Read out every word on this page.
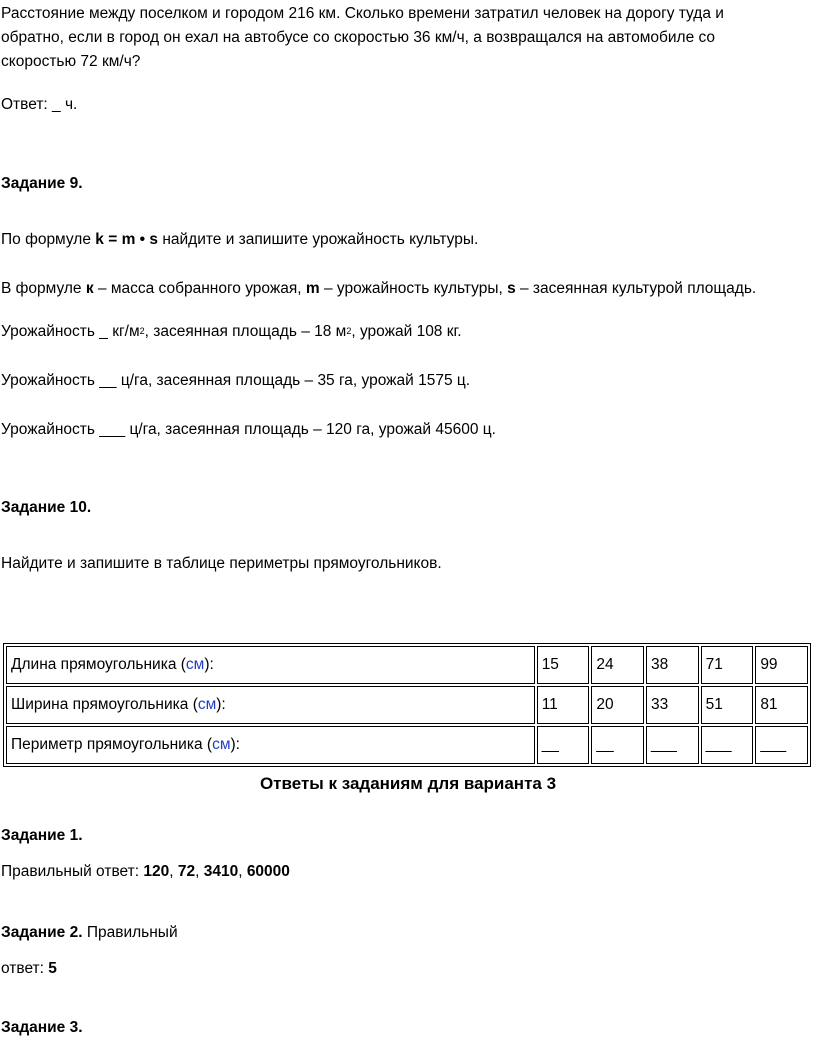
Расстояние между поселком и городом 216 км. Сколько времени затратил человек на дорогу туда и
обратно, если в город он ехал на автобусе со скоростью 36 км/ч, а возвращался на автомобиле со
скоростью 72 км/ч?
Ответ: _ ч.
Задание 9.
По формуле k = m • s найдите и запишите урожайность культуры.
В формуле к – масса собранного урожая, m – урожайность культуры, s – засеянная культурой площадь.
Урожайность _ $кг/м^2$, засеянная площадь – 18 $м^2$, урожай 108 кг.
Урожайность __ ц/га, засеянная площадь – 35 га, урожай 1575 ц.
Урожайность ___ ц/га, засеянная площадь – 120 га, урожай 45600 ц.
Задание 10.
Найдите и запишите в таблице периметры прямоугольников.
Длина прямоугольника (см):	15	24	38	71	99
Ширина прямоугольника (см):	11	20	33	51	81
Периметр прямоугольника (см):	__	__	___	___	___
Ответы к заданиям для варианта 3
Задание 1.
Правильный ответ: 120, 72, 3410, 60000
Задание 2. Правильный
ответ: 5
Задание 3.
